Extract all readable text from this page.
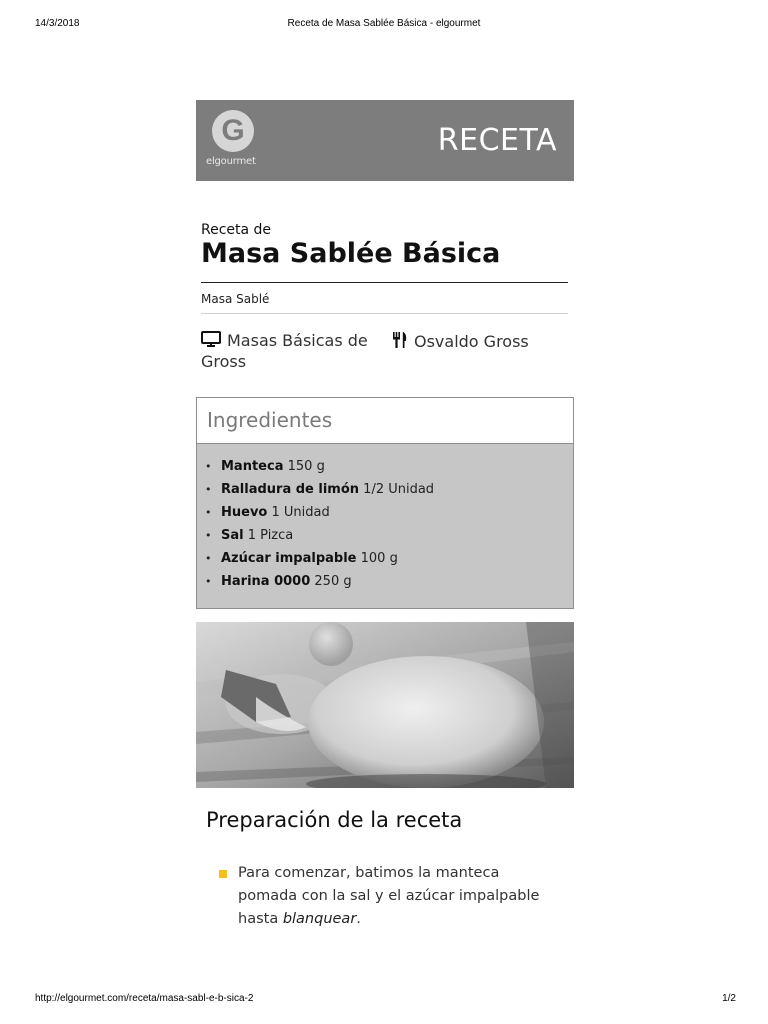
14/3/2018	Receta de Masa Sablée Básica - elgourmet
G
elgourmet
RECETA
Receta de
Masa Sablée Básica
Masa Sablé
Masas Básicas de Gross
Osvaldo Gross
Ingredientes
• Manteca 150 g
• Ralladura de limón 1/2 Unidad
• Huevo 1 Unidad
• Sal 1 Pizca
• Azúcar impalpable 100 g
• Harina 0000 250 g
Preparación de la receta
Para comenzar, batimos la manteca pomada con la sal y el azúcar impalpable hasta blanquear.
http://elgourmet.com/receta/masa-sabl-e-b-sica-2	1/2
